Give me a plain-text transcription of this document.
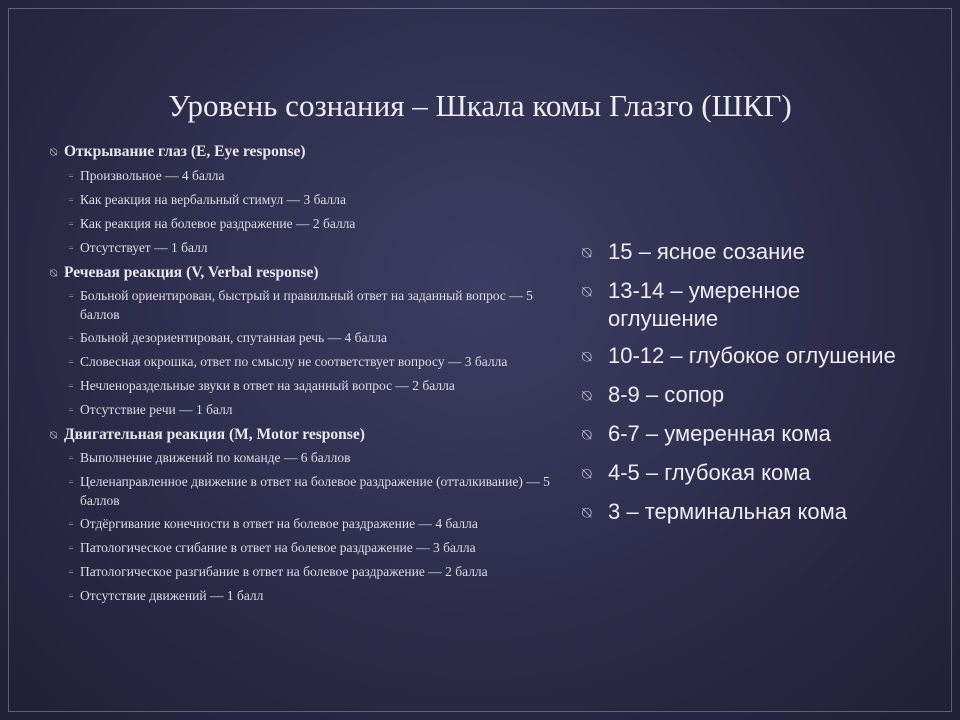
Уровень сознания – Шкала комы Глазго (ШКГ)
⍉ Открывание глаз (E, Eye response)
⍨ Произвольное — 4 балла
⍨ Как реакция на вербальный стимул — 3 балла
⍨ Как реакция на болевое раздражение — 2 балла
⍨ Отсутствует — 1 балл
⍉ Речевая реакция (V, Verbal response)
⍨ Больной ориентирован, быстрый и правильный ответ на заданный вопрос — 5 баллов
⍨ Больной дезориентирован, спутанная речь — 4 балла
⍨ Словесная окрошка, ответ по смыслу не соответствует вопросу — 3 балла
⍨ Нечленораздельные звуки в ответ на заданный вопрос — 2 балла
⍨ Отсутствие речи — 1 балл
⍉ Двигательная реакция (M, Motor response)
⍨ Выполнение движений по команде — 6 баллов
⍨ Целенаправленное движение в ответ на болевое раздражение (отталкивание) — 5 баллов
⍨ Отдёргивание конечности в ответ на болевое раздражение — 4 балла
⍨ Патологическое сгибание в ответ на болевое раздражение — 3 балла
⍨ Патологическое разгибание в ответ на болевое раздражение — 2 балла
⍨ Отсутствие движений — 1 балл
⍉ 15 – ясное созание
⍉ 13-14 – умеренное оглушение
⍉ 10-12 – глубокое оглушение
⍉ 8-9 – сопор
⍉ 6-7 – умеренная кома
⍉ 4-5 – глубокая кома
⍉ 3 – терминальная кома
